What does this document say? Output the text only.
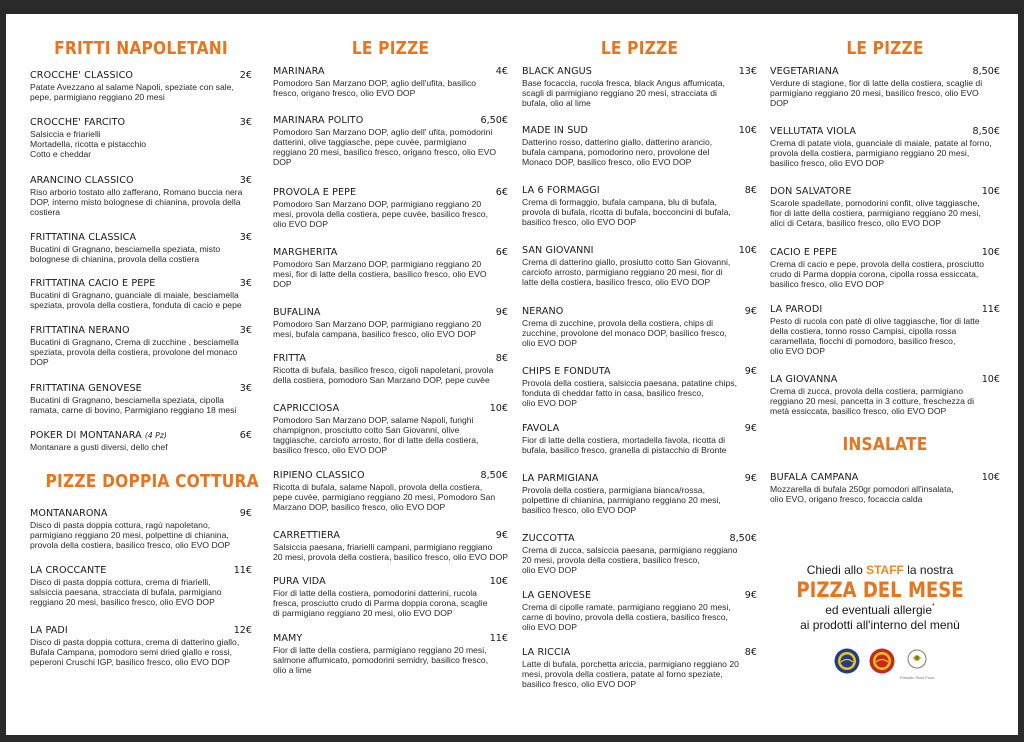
FRITTI NAPOLETANI
CROCCHE' CLASSICO	2€
Patate Avezzano al salame Napoli, speziate con sale,
pepe, parmigiano reggiano 20 mesi
CROCCHE' FARCITO	3€
Salsiccia e friarielli
Mortadella, ricotta e pistacchio
Cotto e cheddar
ARANCINO CLASSICO	3€
Riso arborio tostato allo zafferano, Romano buccia nera
DOP, interno misto bolognese di chianina, provola della
costiera
FRITTATINA CLASSICA	3€
Bucatini di Gragnano, besciamella speziata, misto
bolognese di chianina, provola della costiera
FRITTATINA CACIO E PEPE	3€
Bucatini di Gragnano, guanciale di maiale, besciamella
speziata, provola della costiera, fonduta di cacio e pepe
FRITTATINA NERANO	3€
Bucatini di Gragnano, Crema di zucchine , besciamella
speziata, provola della costiera, provolone del monaco
DOP
FRITTATINA GENOVESE	3€
Bucatini di Gragnano, besciamella speziata, cipolla
ramata, carne di bovino, Parmigiano reggiano 18 mesi
POKER DI MONTANARA (4 Pz)	6€
Montanare a gusti diversi, dello chef
PIZZE DOPPIA COTTURA
MONTANARONA	9€
Disco di pasta doppia cottura, ragù napoletano,
parmigiano reggiano 20 mesi, polpettine di chianina,
provola della costiera, basilico fresco, olio EVO DOP
LA CROCCANTE	11€
Disco di pasta doppia cottura, crema di friarielli,
salsiccia paesana, stracciata di bufala, parmigiano
reggiano 20 mesi, basilico fresco, olio EVO DOP
LA PADI	12€
Disco di pasta doppia cottura, crema di datterino giallo,
Bufala Campana, pomodoro semi dried giallo e rossi,
peperoni Cruschi IGP, basilico fresco, olio EVO DOP
LE PIZZE
MARINARA	4€
Pomodoro San Marzano DOP, aglio dell'ufita, basilico
fresco, origano fresco, olio EVO DOP
MARINARA POLITO	6,50€
Pomodoro San Marzano DOP, aglio dell' ufita, pomodorini
datterini, olive taggiasche, pepe cuvèe, parmigiano
reggiano 20 mesi, basilico fresco, origano fresco, olio EVO
DOP
PROVOLA E PEPE	6€
Pomodoro San Marzano DOP, parmigiano reggiano 20
mesi, provola della costiera, pepe cuvèe, basilico fresco,
olio EVO DOP
MARGHERITA	6€
Pomodoro San Marzano DOP, parmigiano reggiano 20
mesi, fior di latte della costiera, basilico fresco, olio EVO
DOP
BUFALINA	9€
Pomodoro San Marzano DOP, parmigiano reggiano 20
mesi, bufala campana, basilico fresco, olio EVO DOP
FRITTA	8€
Ricotta di bufala, basilico fresco, cigoli napoletani, provola
della costiera, pomodoro San Marzano DOP, pepe cuvèe
CAPRICCIOSA	10€
Pomodoro San Marzano DOP, salame Napoli, funghi
champignon, prosciutto cotto San Giovanni, olive
taggiasche, carciofo arrosto, fior di latte della costiera,
basilico fresco, olio EVO DOP
RIPIENO CLASSICO	8,50€
Ricotta di bufala, salame Napoli, provola della costiera,
pepe cuvèe, parmigiano reggiano 20 mesi, Pomodoro San
Marzano DOP, basilico fresco, olio EVO DOP
CARRETTIERA	9€
Salsiccia paesana, friarielli campani, parmigiano reggiano
20 mesi, provola della costiera, basilico fresco, olio EVO DOP
PURA VIDA	10€
Fior di latte della costiera, pomodorini datterini, rucola
fresca, prosciutto crudo di Parma doppia corona, scaglie
di parmigiano reggiano 20 mesi, olio EVO DOP
MAMY	11€
Fior di latte della costiera, parmigiano reggiano 20 mesi,
salmone affumicato, pomodorini semidry, basilico fresco,
olio a lime
LE PIZZE
BLACK ANGUS	13€
Base focaccia, rucola fresca, black Angus affumicata,
scagli di parmigiano reggiano 20 mesi, stracciata di
bufala, olio al lime
MADE IN SUD	10€
Datterino rosso, datterino giallo, datterino arancio,
bufala campana, pomodorino nero, provolone del
Monaco DOP, basilico fresco, olio EVO DOP
LA 6 FORMAGGI	8€
Crema di formaggio, bufala campana, blu di bufala,
provola di bufala, ricotta di bufala, bocconcini di bufala,
basilico fresco, olio EVO DOP
SAN GIOVANNI	10€
Crema di datterino giallo, prosiutto cotto San Giovanni,
carciofo arrosto, parmigiano reggiano 20 mesi, fior di
latte della costiera, basilico fresco, olio EVO DOP
NERANO	9€
Crema di zucchine, provola della costiera, chips di
zucchine, provolone del monaco DOP, basilico fresco,
olio EVO DOP
CHIPS E FONDUTA	9€
Provola della costiera, salsiccia paesana, patatine chips,
fonduta di cheddar fatto in casa, basilico fresco,
olio EVO DOP
FAVOLA	9€
Fior di latte della costiera, mortadella favola, ricotta di
bufala, basilico fresco, granella di pistacchio di Bronte
LA PARMIGIANA	9€
Provola della costiera, parmigiana bianca/rossa,
polpettine di chianina, parmigiano reggiano 20 mesi,
basilico fresco, olio EVO DOP
ZUCCOTTA	8,50€
Crema di zucca, salsiccia paesana, parmigiano reggiano
20 mesi, provola della costiera, basilico fresco,
olio EVO DOP
LA GENOVESE	9€
Crema di cipolle ramate, parmigiano reggiano 20 mesi,
carne di bovino, provola della costiera, basilico fresco,
olio EVO DOP
LA RICCIA	8€
Latte di bufala, porchetta ariccia, parmigiano reggiano 20
mesi, provola della costiera, patate al forno speziate,
basilico fresco, olio EVO DOP
LE PIZZE
VEGETARIANA	8,50€
Verdure di stagione, fior di latte della costiera, scaglie di
parmigiano reggiano 20 mesi, basilico fresco, olio EVO
DOP
VELLUTATA VIOLA	8,50€
Crema di patate viola, guanciale di maiale, patate al forno,
provola della costiera, parmigiano reggiano 20 mesi,
basilico fresco, olio EVO DOP
DON SALVATORE	10€
Scarole spadellate, pomodorini confit, olive taggiasche,
fior di latte della costiera, parmigiano reggiano 20 mesi,
alici di Cetara, basilico fresco, olio EVO DOP
CACIO E PEPE	10€
Crema di cacio e pepe, provola della costiera, prosciutto
crudo di Parma doppia corona, cipolla rossa essiccata,
basilico fresco, olio EVO DOP
LA PARODI	11€
Pesto di rucola con patè di olive taggiasche, fior di latte
della costiera, tonno rosso Campisi, cipolla rossa
caramellata, fiocchi di pomodoro, basilico fresco,
olio EVO DOP
LA GIOVANNA	10€
Crema di zucca, provola della costiera, parmigiano
reggiano 20 mesi, pancetta in 3 cotture, freschezza di
metà essiccata, basilico fresco, olio EVO DOP
INSALATE
BUFALA CAMPANA	10€
Mozzarella di bufala 250gr pomodori all'insalata,
olio EVO, origano fresco, focaccia calda
Chiedi allo STAFF la nostra
PIZZA DEL MESE
ed eventuali allergie*
ai prodotti all'interno del menù
Presidio Slow Food
